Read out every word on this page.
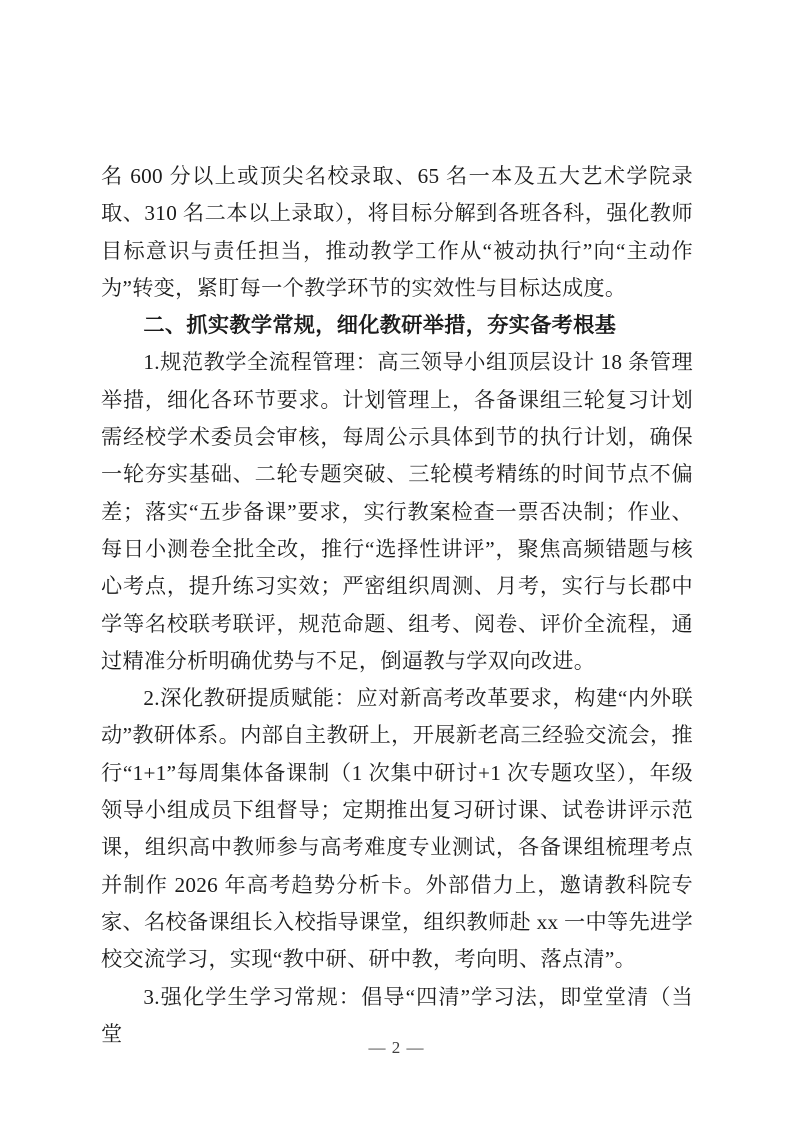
名 600 分以上或顶尖名校录取、65 名一本及五大艺术学院录取、310 名二本以上录取），将目标分解到各班各科，强化教师目标意识与责任担当，推动教学工作从“被动执行”向“主动作为”转变，紧盯每一个教学环节的实效性与目标达成度。

二、抓实教学常规，细化教研举措，夯实备考根基

1.规范教学全流程管理：高三领导小组顶层设计 18 条管理举措，细化各环节要求。计划管理上，各备课组三轮复习计划需经校学术委员会审核，每周公示具体到节的执行计划，确保一轮夯实基础、二轮专题突破、三轮模考精练的时间节点不偏差；落实“五步备课”要求，实行教案检查一票否决制；作业、每日小测卷全批全改，推行“选择性讲评”，聚焦高频错题与核心考点，提升练习实效；严密组织周测、月考，实行与长郡中学等名校联考联评，规范命题、组考、阅卷、评价全流程，通过精准分析明确优势与不足，倒逼教与学双向改进。

2.深化教研提质赋能：应对新高考改革要求，构建“内外联动”教研体系。内部自主教研上，开展新老高三经验交流会，推行“1+1”每周集体备课制（1 次集中研讨+1 次专题攻坚），年级领导小组成员下组督导；定期推出复习研讨课、试卷讲评示范课，组织高中教师参与高考难度专业测试，各备课组梳理考点并制作 2026 年高考趋势分析卡。外部借力上，邀请教科院专家、名校备课组长入校指导课堂，组织教师赴 xx 一中等先进学校交流学习，实现“教中研、研中教，考向明、落点清”。

3.强化学生学习常规：倡导“四清”学习法，即堂堂清（当堂

— 2 —
